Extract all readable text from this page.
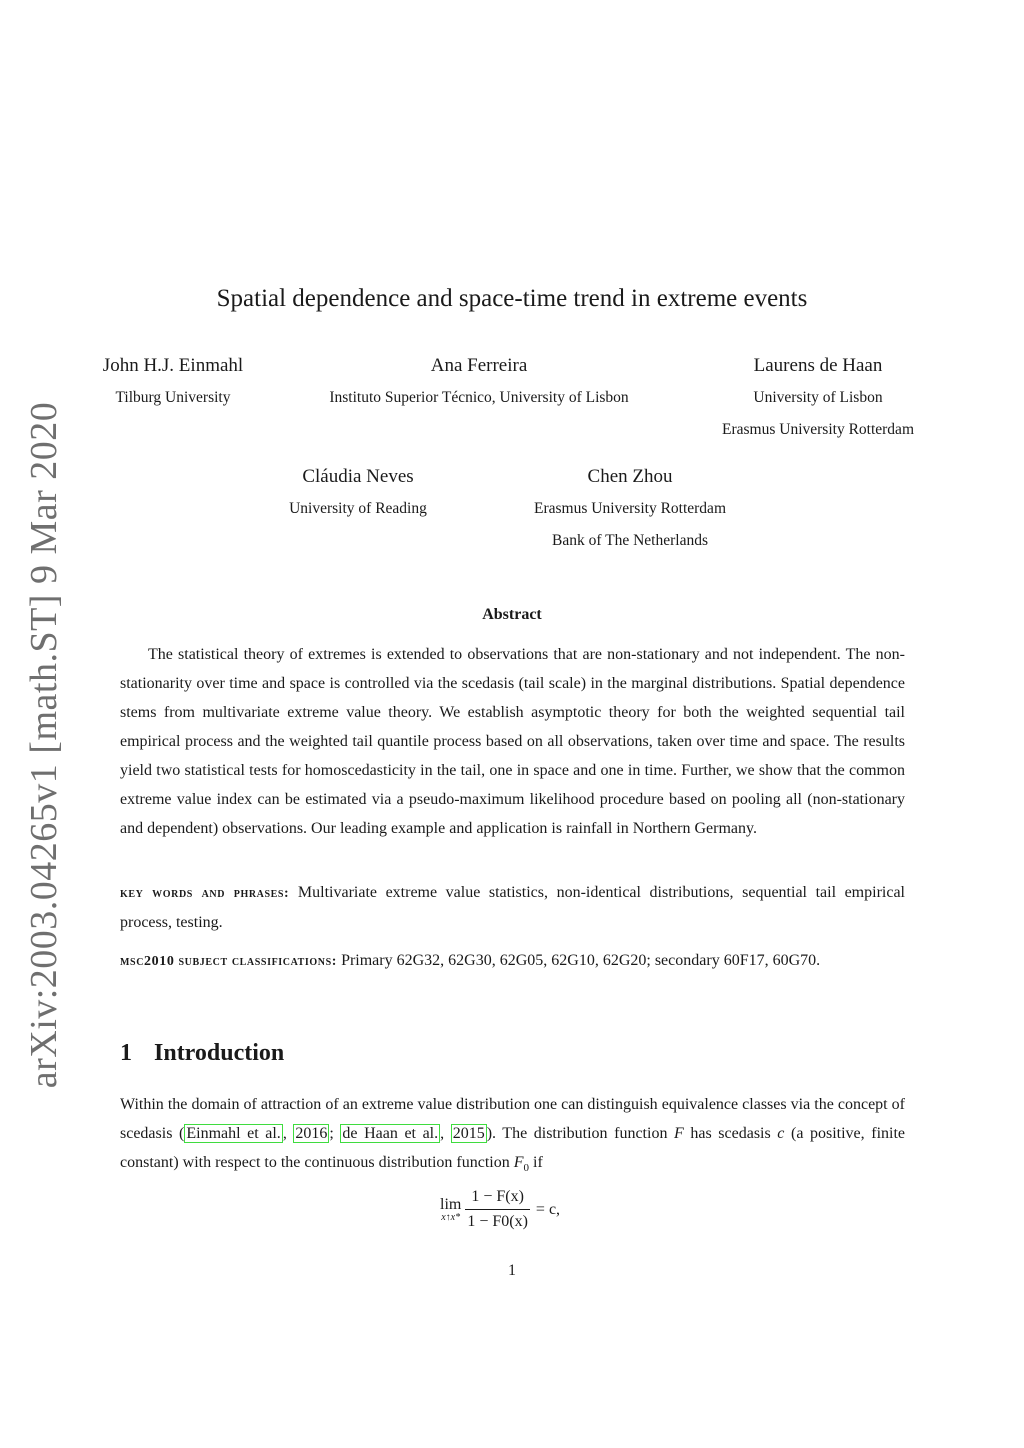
arXiv:2003.04265v1 [math.ST] 9 Mar 2020
Spatial dependence and space-time trend in extreme events
John H.J. Einmahl
Tilburg University
Ana Ferreira
Instituto Superior Técnico, University of Lisbon
Laurens de Haan
University of Lisbon
Erasmus University Rotterdam
Cláudia Neves
University of Reading
Chen Zhou
Erasmus University Rotterdam
Bank of The Netherlands
Abstract
The statistical theory of extremes is extended to observations that are non-stationary and not independent. The non-stationarity over time and space is controlled via the scedasis (tail scale) in the marginal distributions. Spatial dependence stems from multivariate extreme value theory. We establish asymptotic theory for both the weighted sequential tail empirical process and the weighted tail quantile process based on all observations, taken over time and space. The results yield two statistical tests for homoscedasticity in the tail, one in space and one in time. Further, we show that the common extreme value index can be estimated via a pseudo-maximum likelihood procedure based on pooling all (non-stationary and dependent) observations. Our leading example and application is rainfall in Northern Germany.
key words and phrases: Multivariate extreme value statistics, non-identical distributions, sequential tail empirical process, testing.
msc2010 subject classifications: Primary 62G32, 62G30, 62G05, 62G10, 62G20; secondary 60F17, 60G70.
1 Introduction
Within the domain of attraction of an extreme value distribution one can distinguish equivalence classes via the concept of scedasis ( Einmahl et al. , 2016 ; de Haan et al. , 2015 ). The distribution function F has scedasis c (a positive, finite constant) with respect to the continuous distribution function $F_0$ if
lim
x↑x* $\frac{1 - F(x)}{1 - F0(x)} = c$,
1
